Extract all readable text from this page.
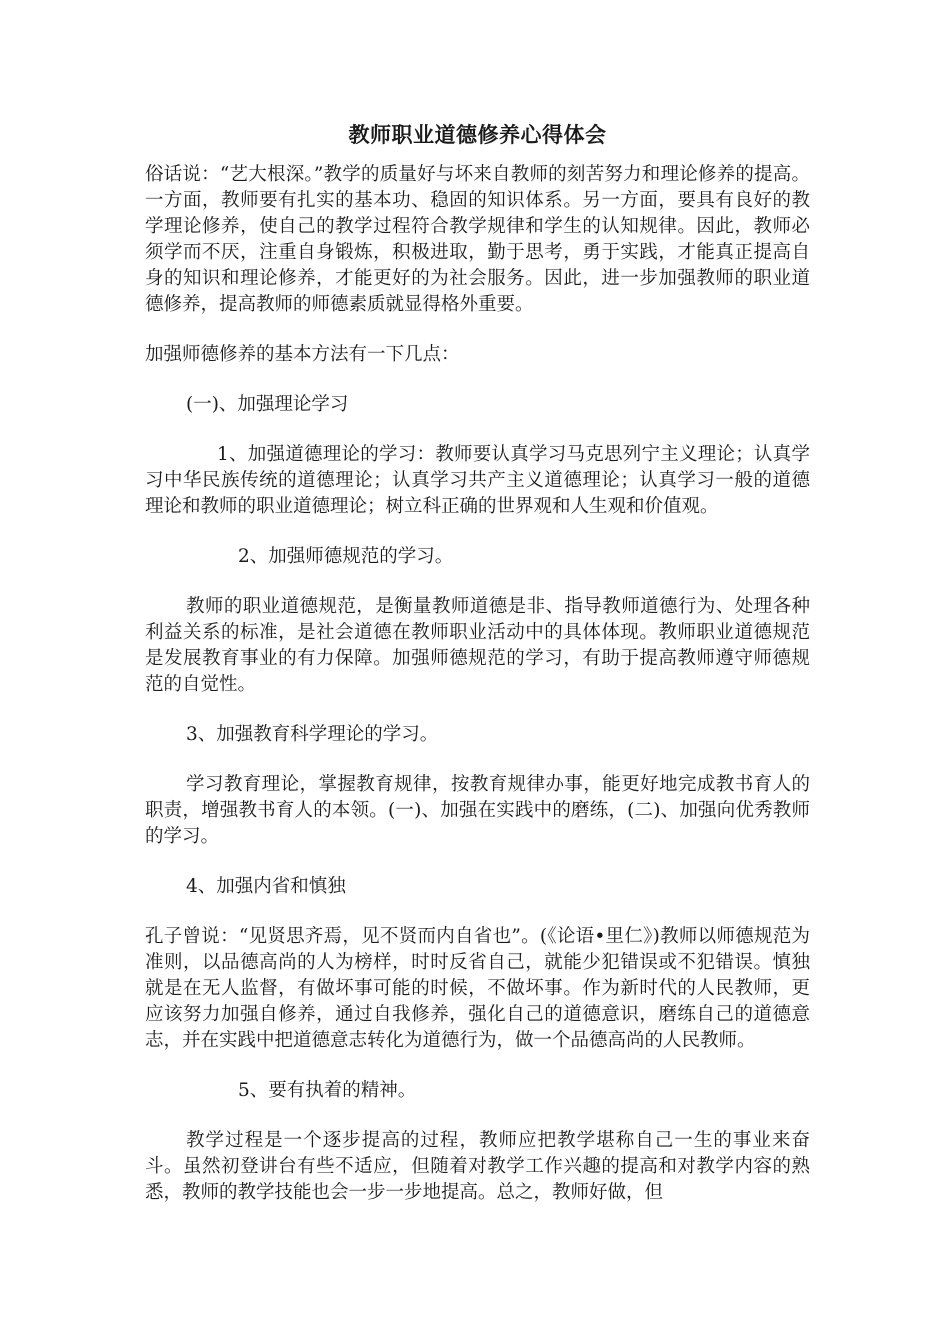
教师职业道德修养心得体会

俗话说：“艺大根深。”教学的质量好与坏来自教师的刻苦努力和理论修养的提高。一方面，教师要有扎实的基本功、稳固的知识体系。另一方面，要具有良好的教学理论修养，使自己的教学过程符合教学规律和学生的认知规律。因此，教师必须学而不厌，注重自身锻炼，积极进取，勤于思考，勇于实践，才能真正提高自身的知识和理论修养，才能更好的为社会服务。因此，进一步加强教师的职业道德修养，提高教师的师德素质就显得格外重要。

加强师德修养的基本方法有一下几点：

(一)、加强理论学习

1、加强道德理论的学习：教师要认真学习马克思列宁主义理论；认真学习中华民族传统的道德理论；认真学习共产主义道德理论；认真学习一般的道德理论和教师的职业道德理论；树立科正确的世界观和人生观和价值观。

2、加强师德规范的学习。

教师的职业道德规范，是衡量教师道德是非、指导教师道德行为、处理各种利益关系的标准，是社会道德在教师职业活动中的具体体现。教师职业道德规范是发展教育事业的有力保障。加强师德规范的学习，有助于提高教师遵守师德规范的自觉性。

3、加强教育科学理论的学习。

学习教育理论，掌握教育规律，按教育规律办事，能更好地完成教书育人的职责，增强教书育人的本领。(一)、加强在实践中的磨练，(二)、加强向优秀教师的学习。

4、加强内省和慎独

孔子曾说：“见贤思齐焉，见不贤而内自省也”。(《论语•里仁》)教师以师德规范为准则，以品德高尚的人为榜样，时时反省自己，就能少犯错误或不犯错误。慎独就是在无人监督，有做坏事可能的时候，不做坏事。作为新时代的人民教师，更应该努力加强自修养，通过自我修养，强化自己的道德意识，磨练自己的道德意志，并在实践中把道德意志转化为道德行为，做一个品德高尚的人民教师。

5、要有执着的精神。

教学过程是一个逐步提高的过程，教师应把教学堪称自己一生的事业来奋斗。虽然初登讲台有些不适应，但随着对教学工作兴趣的提高和对教学内容的熟悉，教师的教学技能也会一步一步地提高。总之，教师好做，但
